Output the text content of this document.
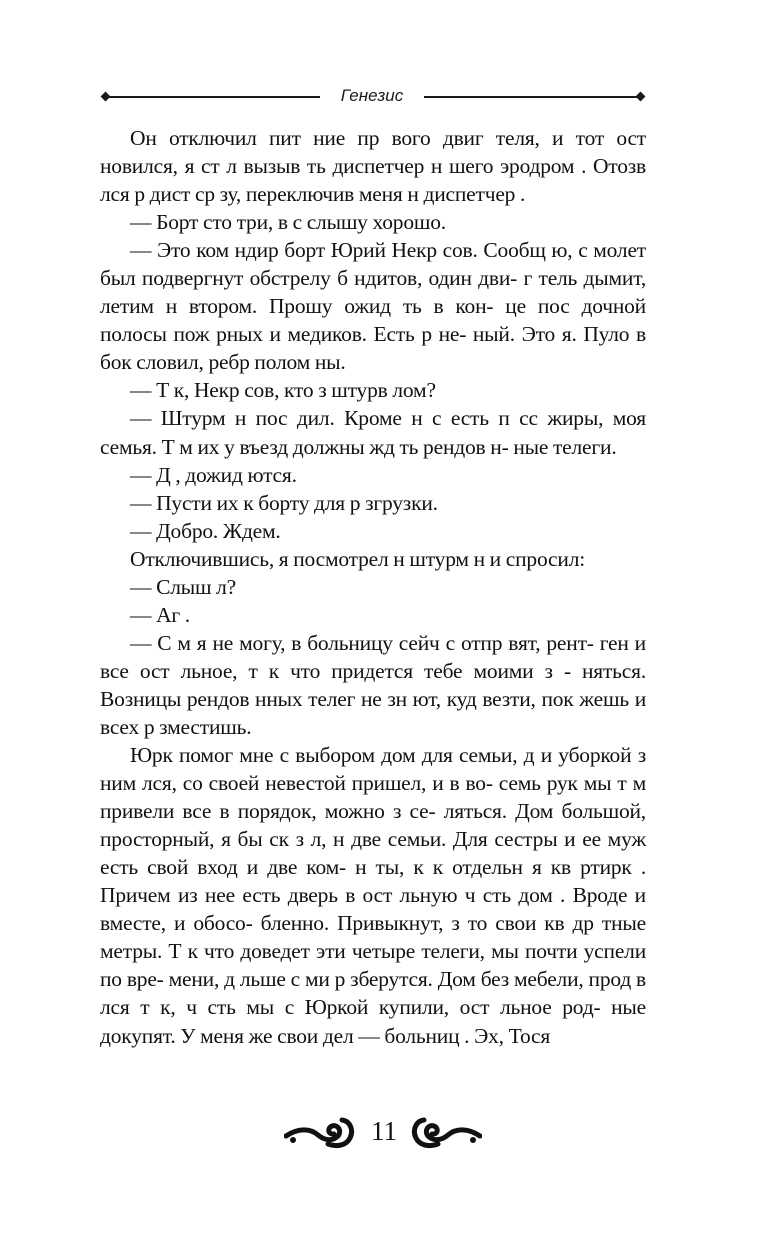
Генезис

Он отключил пит ние пр вого двиг теля, и тот ост новился, я ст л вызыв ть диспетчер н шего эродром . Отозв лся р дист ср зу, переключив меня н диспетчер .

— Борт сто три, в с слышу хорошо.

— Это ком ндир борт Юрий Некр сов. Сообщ ю, с молет был подвергнут обстрелу б ндитов, один дви- г тель дымит, летим н втором. Прошу ожид ть в кон- це пос дочной полосы пож рных и медиков. Есть р не- ный. Это я. Пуло в бок словил, ребр полом ны.

— Т к, Некр сов, кто з штурв лом?

— Штурм н пос дил. Кроме н с есть п сс жиры, моя семья. Т м их у въезд должны жд ть рендов н- ные телеги.

— Д , дожид ются.

— Пусти их к борту для р згрузки.

— Добро. Ждем.

Отключившись, я посмотрел н штурм н и спросил:

— Слыш л?

— Аг .

— С м я не могу, в больницу сейч с отпр вят, рент- ген и все ост льное, т к что придется тебе моими з - няться. Возницы рендов нных телег не зн ют, куд везти, пок жешь и всех р зместишь.

Юрк помог мне с выбором дом для семьи, д и уборкой з ним лся, со своей невестой пришел, и в во- семь рук мы т м привели все в порядок, можно з се- ляться. Дом большой, просторный, я бы ск з л, н две семьи. Для сестры и ее муж есть свой вход и две ком- н ты, к к отдельн я кв ртирк . Причем из нее есть дверь в ост льную ч сть дом . Вроде и вместе, и обосо- бленно. Привыкнут, з то свои кв др тные метры. Т к что доведет эти четыре телеги, мы почти успели по вре- мени, д льше с ми р зберутся. Дом без мебели, прод в лся т к, ч сть мы с Юркой купили, ост льное род- ные докупят. У меня же свои дел — больниц . Эх, Тося

11
